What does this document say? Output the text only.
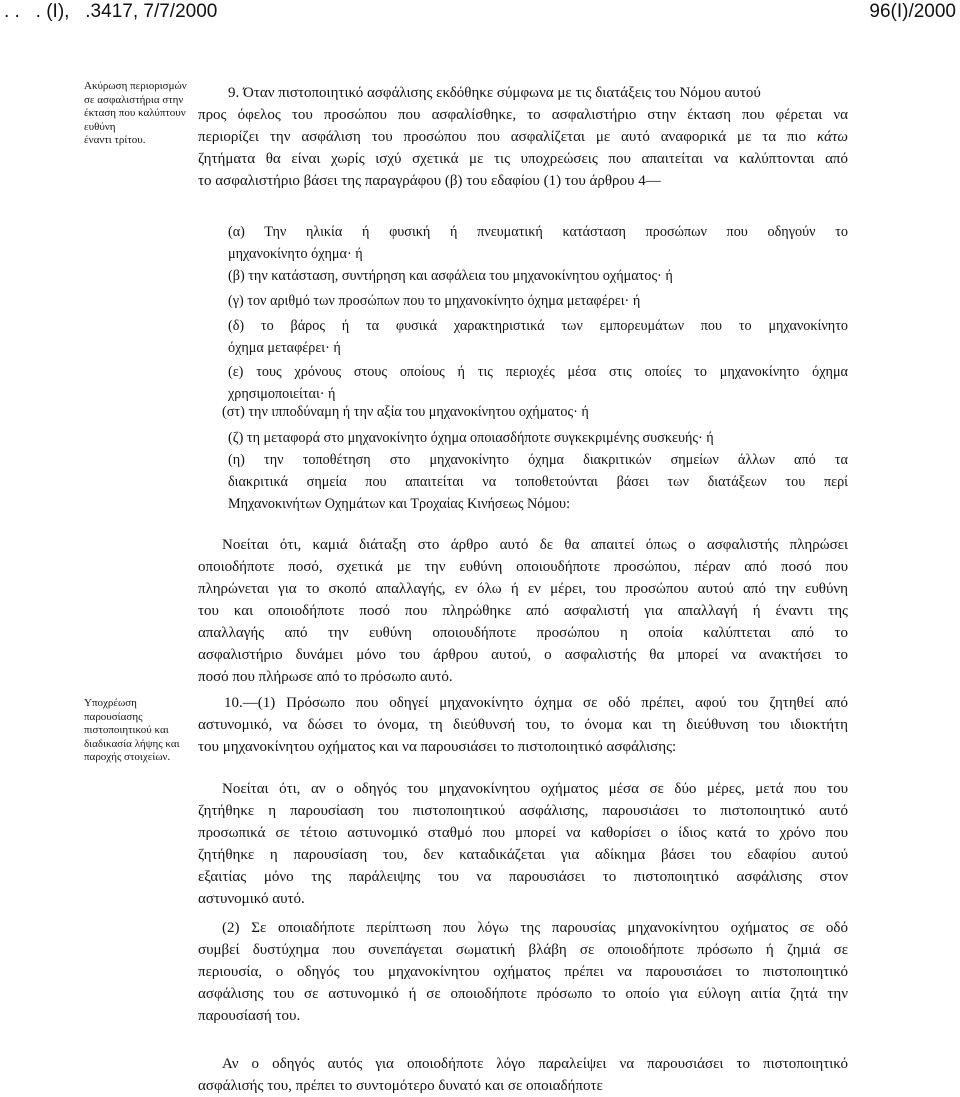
. .   . (Ι),   .3417, 7/7/2000	96(Ι)/2000
Ακύρωση περιορισμών
σε ασφαλιστήρια στην
έκταση που καλύπτουν
ευθύνη
έναντι τρίτου.
Υποχρέωση
παρουσίασης
πιστοποιητικού και
διαδικασία λήψης και
παροχής στοιχείων.
9. Όταν πιστοποιητικό ασφάλισης εκδόθηκε σύμφωνα με τις διατάξεις του Νόμου αυτού
προς όφελος του προσώπου που ασφαλίσθηκε, το ασφαλιστήριο στην έκταση που φέρεται να
περιορίζει την ασφάλιση του προσώπου που ασφαλίζεται με αυτό αναφορικά με τα πιο κάτω
ζητήματα θα είναι χωρίς ισχύ σχετικά με τις υποχρεώσεις που απαιτείται να καλύπτονται από
το ασφαλιστήριο βάσει της παραγράφου (β) του εδαφίου (1) του άρθρου 4—
(α) Την ηλικία ή φυσική ή πνευματική κατάσταση προσώπων που οδηγούν το
μηχανοκίνητο όχημα· ή
(β) την κατάσταση, συντήρηση και ασφάλεια του μηχανοκίνητου οχήματος· ή
(γ) τον αριθμό των προσώπων που το μηχανοκίνητο όχημα μεταφέρει· ή
(δ) το βάρος ή τα φυσικά χαρακτηριστικά των εμπορευμάτων που το μηχανοκίνητο
όχημα μεταφέρει· ή
(ε) τους χρόνους στους οποίους ή τις περιοχές μέσα στις οποίες το μηχανοκίνητο όχημα
χρησιμοποιείται· ή
(στ) την ιπποδύναμη ή την αξία του μηχανοκίνητου οχήματος· ή
(ζ) τη μεταφορά στο μηχανοκίνητο όχημα οποιασδήποτε συγκεκριμένης συσκευής· ή
(η) την τοποθέτηση στο μηχανοκίνητο όχημα διακριτικών σημείων άλλων από τα
διακριτικά σημεία που απαιτείται να τοποθετούνται βάσει των διατάξεων του περί
Μηχανοκινήτων Οχημάτων και Τροχαίας Κινήσεως Νόμου:
Νοείται ότι, καμιά διάταξη στο άρθρο αυτό δε θα απαιτεί όπως ο ασφαλιστής πληρώσει
οποιοδήποτε ποσό, σχετικά με την ευθύνη οποιουδήποτε προσώπου, πέραν από ποσό που
πληρώνεται για το σκοπό απαλλαγής, εν όλω ή εν μέρει, του προσώπου αυτού από την ευθύνη
του και οποιοδήποτε ποσό που πληρώθηκε από ασφαλιστή για απαλλαγή ή έναντι της
απαλλαγής από την ευθύνη οποιουδήποτε προσώπου η οποία καλύπτεται από το
ασφαλιστήριο δυνάμει μόνο του άρθρου αυτού, ο ασφαλιστής θα μπορεί να ανακτήσει το
ποσό που πλήρωσε από το πρόσωπο αυτό.
10.—(1) Πρόσωπο που οδηγεί μηχανοκίνητο όχημα σε οδό πρέπει, αφού του ζητηθεί από
αστυνομικό, να δώσει το όνομα, τη διεύθυνσή του, το όνομα και τη διεύθυνση του ιδιοκτήτη
του μηχανοκίνητου οχήματος και να παρουσιάσει το πιστοποιητικό ασφάλισης:
Νοείται ότι, αν ο οδηγός του μηχανοκίνητου οχήματος μέσα σε δύο μέρες, μετά που του
ζητήθηκε η παρουσίαση του πιστοποιητικού ασφάλισης, παρουσιάσει το πιστοποιητικό αυτό
προσωπικά σε τέτοιο αστυνομικό σταθμό που μπορεί να καθορίσει ο ίδιος κατά το χρόνο που
ζητήθηκε η παρουσίαση του, δεν καταδικάζεται για αδίκημα βάσει του εδαφίου αυτού
εξαιτίας μόνο της παράλειψης του να παρουσιάσει το πιστοποιητικό ασφάλισης στον
αστυνομικό αυτό.
(2) Σε οποιαδήποτε περίπτωση που λόγω της παρουσίας μηχανοκίνητου οχήματος σε οδό
συμβεί δυστύχημα που συνεπάγεται σωματική βλάβη σε οποιοδήποτε πρόσωπο ή ζημιά σε
περιουσία, ο οδηγός του μηχανοκίνητου οχήματος πρέπει να παρουσιάσει το πιστοποιητικό
ασφάλισης του σε αστυνομικό ή σε οποιοδήποτε πρόσωπο το οποίο για εύλογη αιτία ζητά την
παρουσίασή του.
Αν ο οδηγός αυτός για οποιοδήποτε λόγο παραλείψει να παρουσιάσει το πιστοποιητικό
ασφάλισής του, πρέπει το συντομότερο δυνατό και σε οποιαδήποτε
